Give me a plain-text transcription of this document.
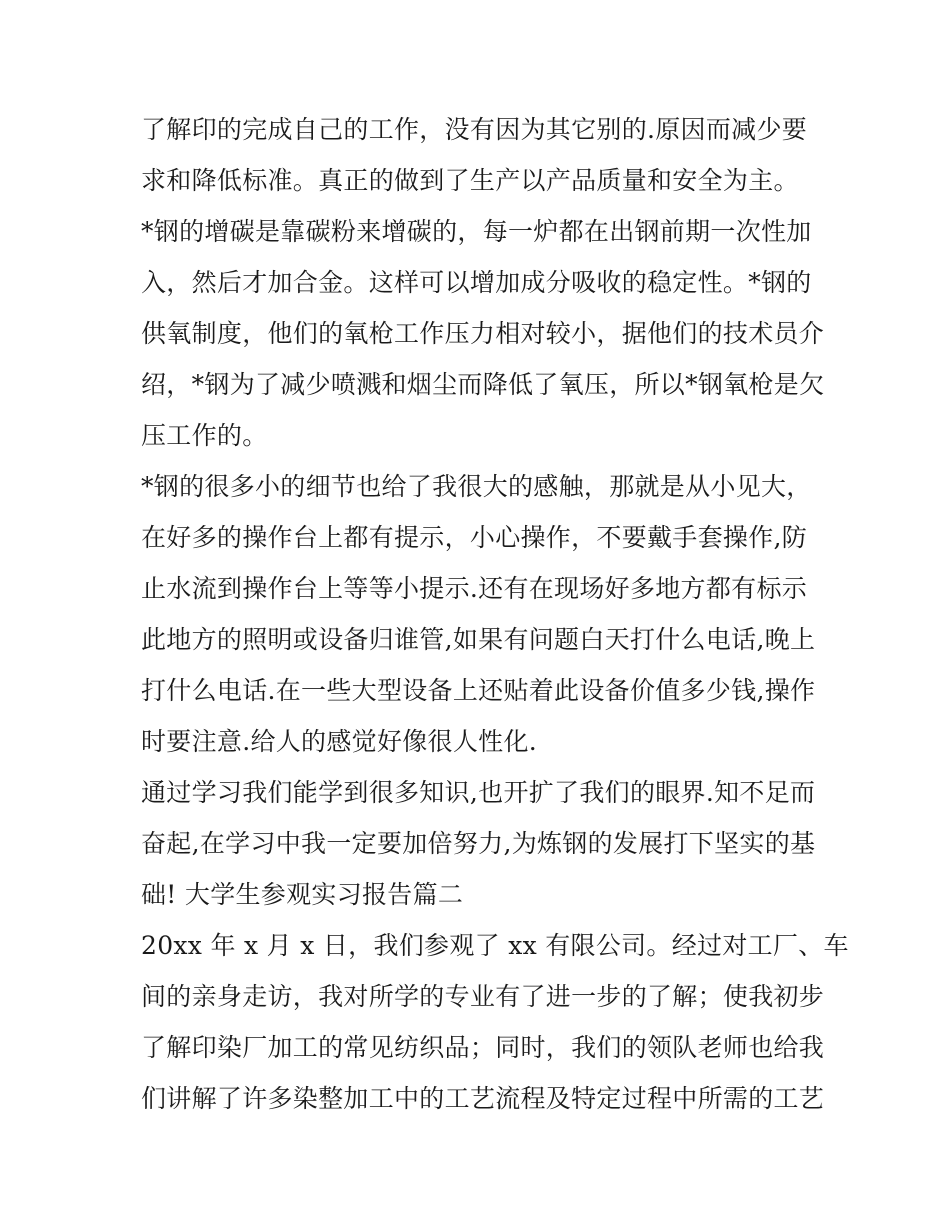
了解印的完成自己的工作，没有因为其它别的.原因而减少要
求和降低标准。真正的做到了生产以产品质量和安全为主。
*钢的增碳是靠碳粉来增碳的，每一炉都在出钢前期一次性加
入，然后才加合金。这样可以增加成分吸收的稳定性。*钢的
供氧制度，他们的氧枪工作压力相对较小，据他们的技术员介
绍，*钢为了减少喷溅和烟尘而降低了氧压，所以*钢氧枪是欠
压工作的。
*钢的很多小的细节也给了我很大的感触，那就是从小见大，
在好多的操作台上都有提示，小心操作，不要戴手套操作,防
止水流到操作台上等等小提示.还有在现场好多地方都有标示
此地方的照明或设备归谁管,如果有问题白天打什么电话,晚上
打什么电话.在一些大型设备上还贴着此设备价值多少钱,操作
时要注意.给人的感觉好像很人性化.
通过学习我们能学到很多知识,也开扩了我们的眼界.知不足而
奋起,在学习中我一定要加倍努力,为炼钢的发展打下坚实的基
础! 大学生参观实习报告篇二
20xx 年 x 月 x 日，我们参观了 xx 有限公司。经过对工厂、车
间的亲身走访，我对所学的专业有了进一步的了解；使我初步
了解印染厂加工的常见纺织品；同时，我们的领队老师也给我
们讲解了许多染整加工中的工艺流程及特定过程中所需的工艺
